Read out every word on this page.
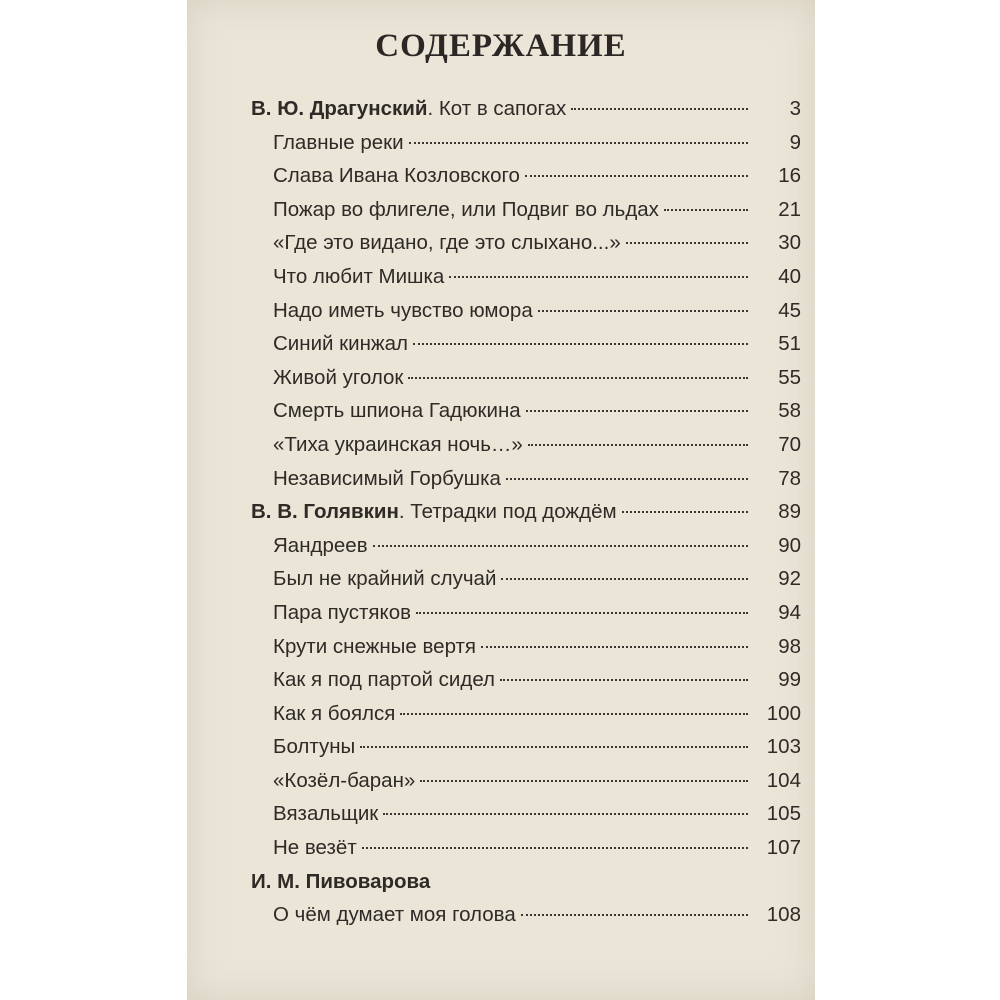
СОДЕРЖАНИЕ
В. Ю. Драгунский . Кот в сапогах	3
Главные реки	9
Слава Ивана Козловского	16
Пожар во флигеле, или Подвиг во льдах	21
«Где это видано, где это слыхано...»	30
Что любит Мишка	40
Надо иметь чувство юмора	45
Синий кинжал	51
Живой уголок	55
Смерть шпиона Гадюкина	58
«Тиха украинская ночь…»	70
Независимый Горбушка	78
В. В. Голявкин . Тетрадки под дождём	89
Яандреев	90
Был не крайний случай	92
Пара пустяков	94
Крути снежные вертя	98
Как я под партой сидел	99
Как я боялся	100
Болтуны	103
«Козёл-баран»	104
Вязальщик	105
Не везёт	107
И. М. Пивоварова
О чём думает моя голова	108
